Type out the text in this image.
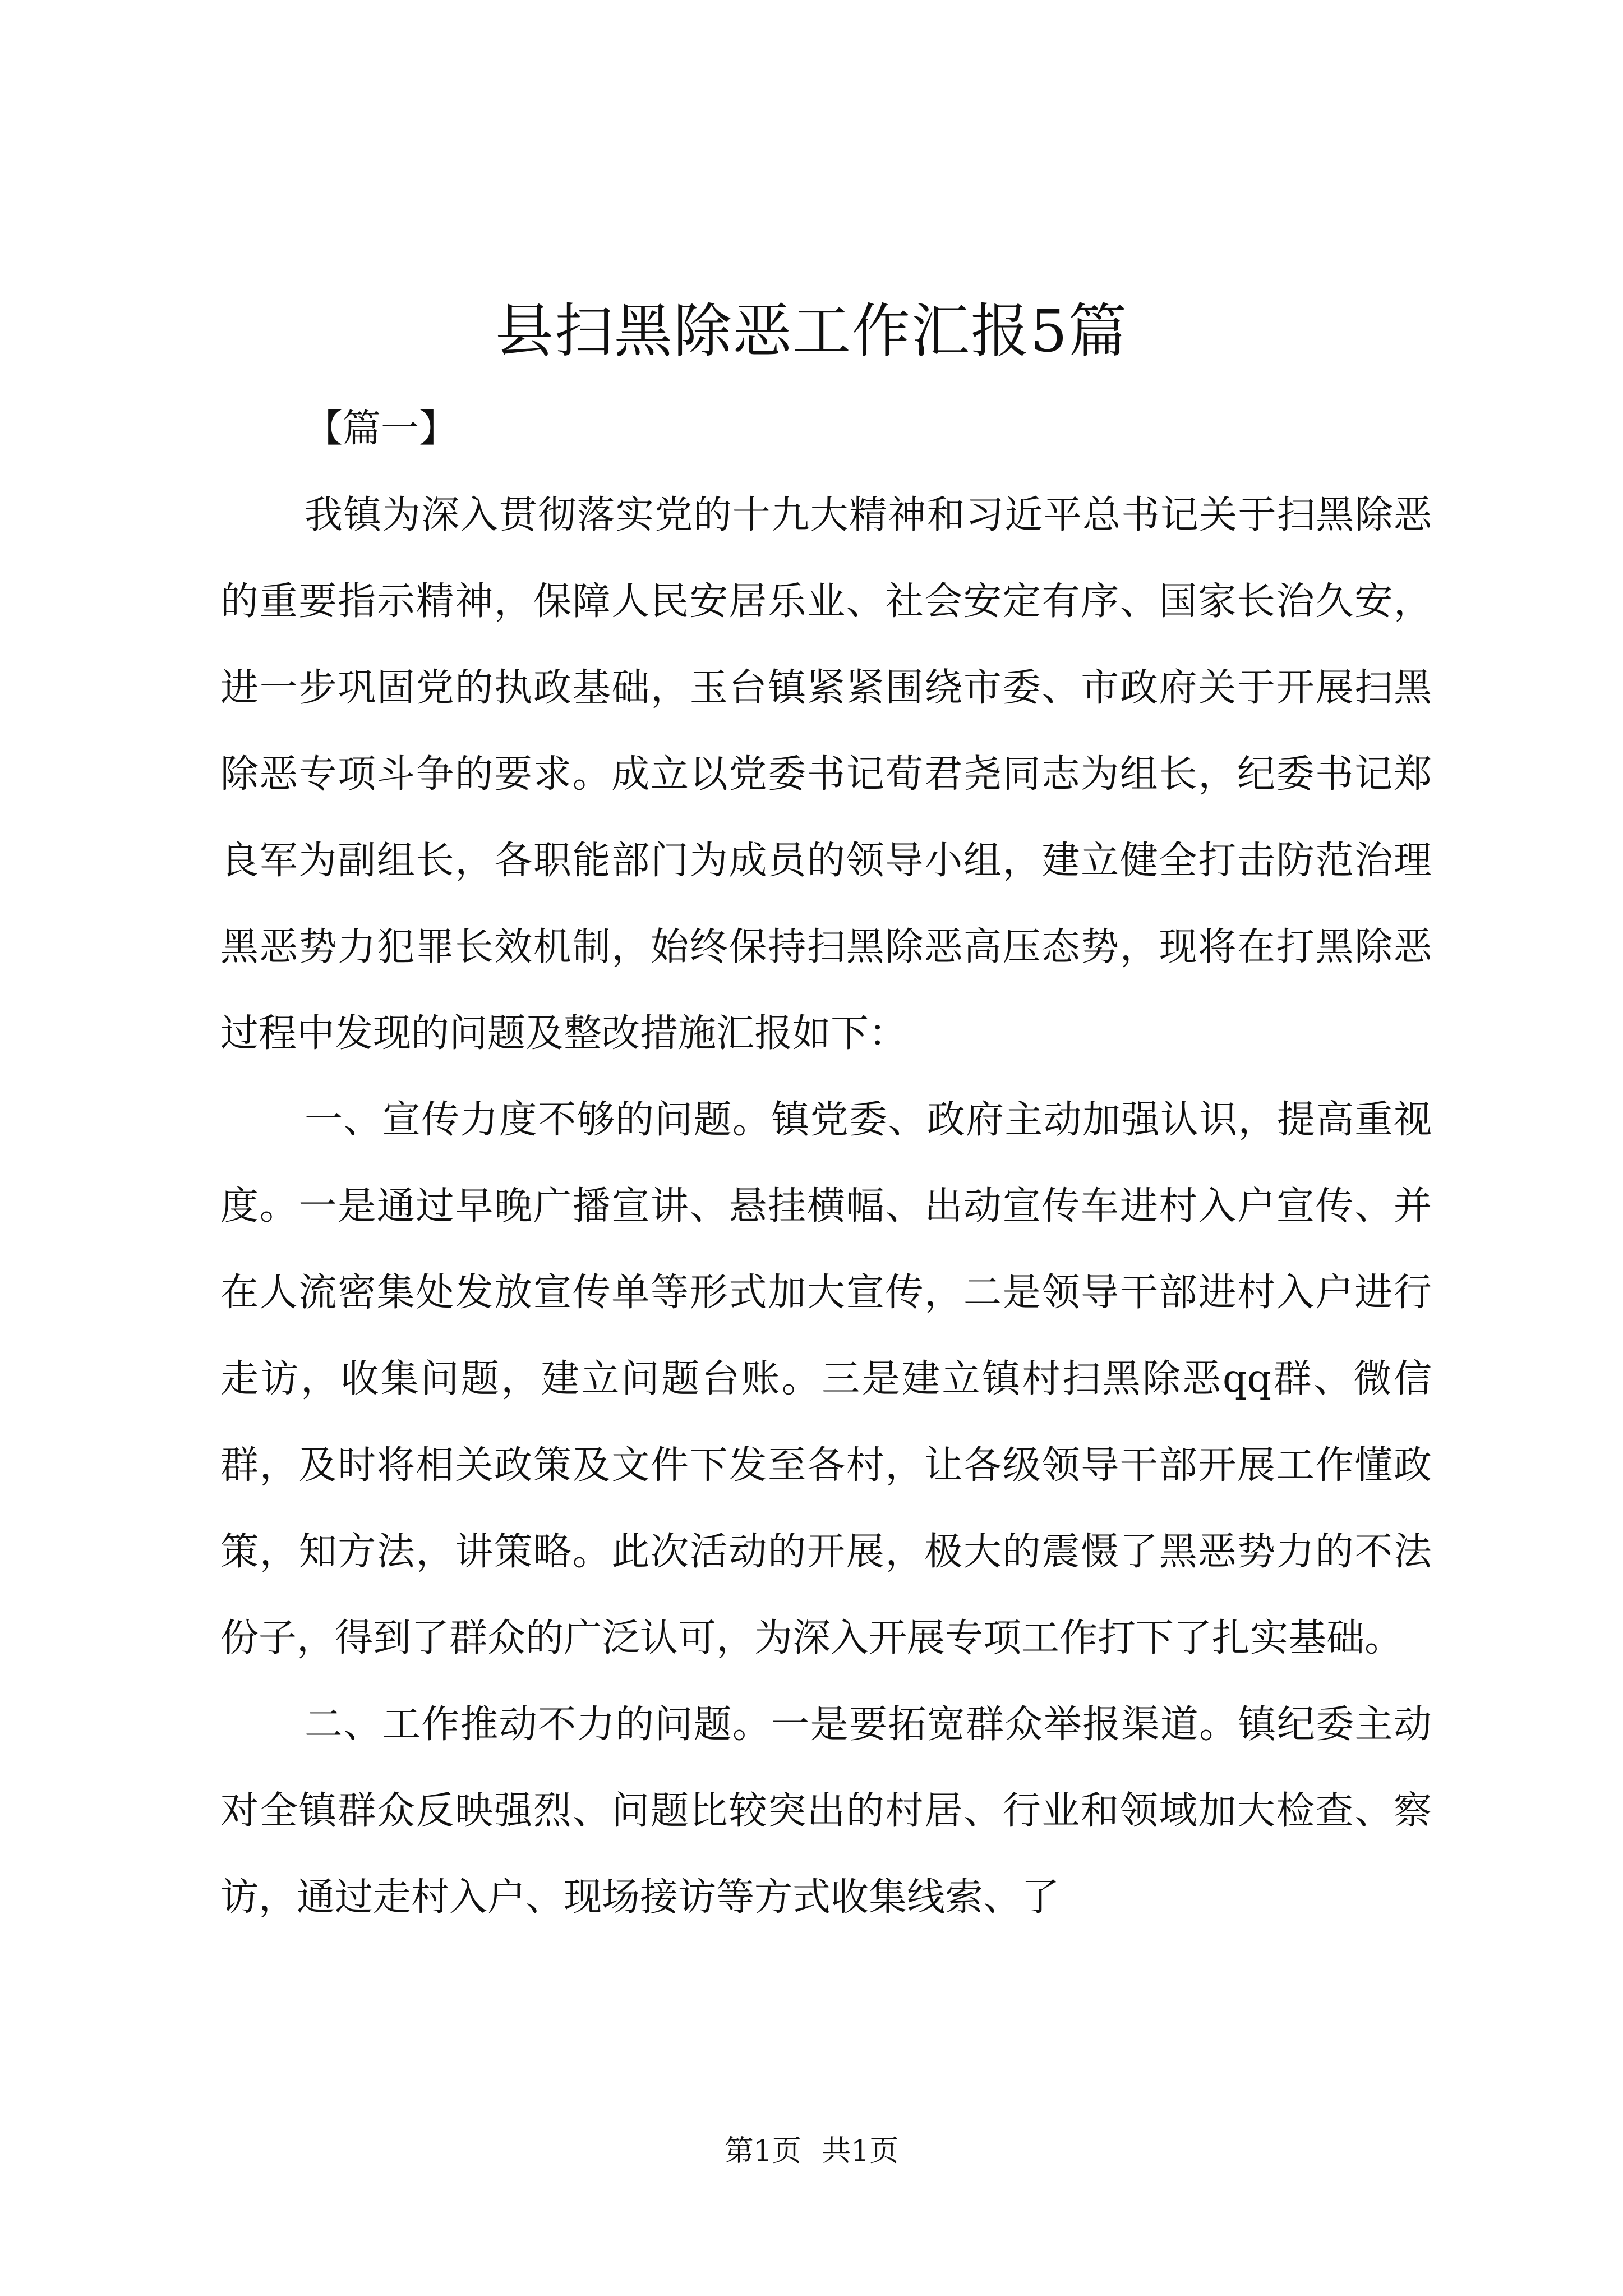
县扫黑除恶工作汇报5篇

【篇一】

我镇为深入贯彻落实党的十九大精神和习近平总书记关于扫黑除恶的重要指示精神，保障人民安居乐业、社会安定有序、国家长治久安，进一步巩固党的执政基础，玉台镇紧紧围绕市委、市政府关于开展扫黑除恶专项斗争的要求。成立以党委书记荀君尧同志为组长，纪委书记郑良军为副组长，各职能部门为成员的领导小组，建立健全打击防范治理黑恶势力犯罪长效机制，始终保持扫黑除恶高压态势，现将在打黑除恶过程中发现的问题及整改措施汇报如下：

一、宣传力度不够的问题。镇党委、政府主动加强认识，提高重视度。一是通过早晚广播宣讲、悬挂横幅、出动宣传车进村入户宣传、并在人流密集处发放宣传单等形式加大宣传，二是领导干部进村入户进行走访，收集问题，建立问题台账。三是建立镇村扫黑除恶qq群、微信群，及时将相关政策及文件下发至各村，让各级领导干部开展工作懂政策，知方法，讲策略。此次活动的开展，极大的震慑了黑恶势力的不法份子，得到了群众的广泛认可，为深入开展专项工作打下了扎实基础。

二、工作推动不力的问题。一是要拓宽群众举报渠道。镇纪委主动对全镇群众反映强烈、问题比较突出的村居、行业和领域加大检查、察访，通过走村入户、现场接访等方式收集线索、了

第1页 共1页
